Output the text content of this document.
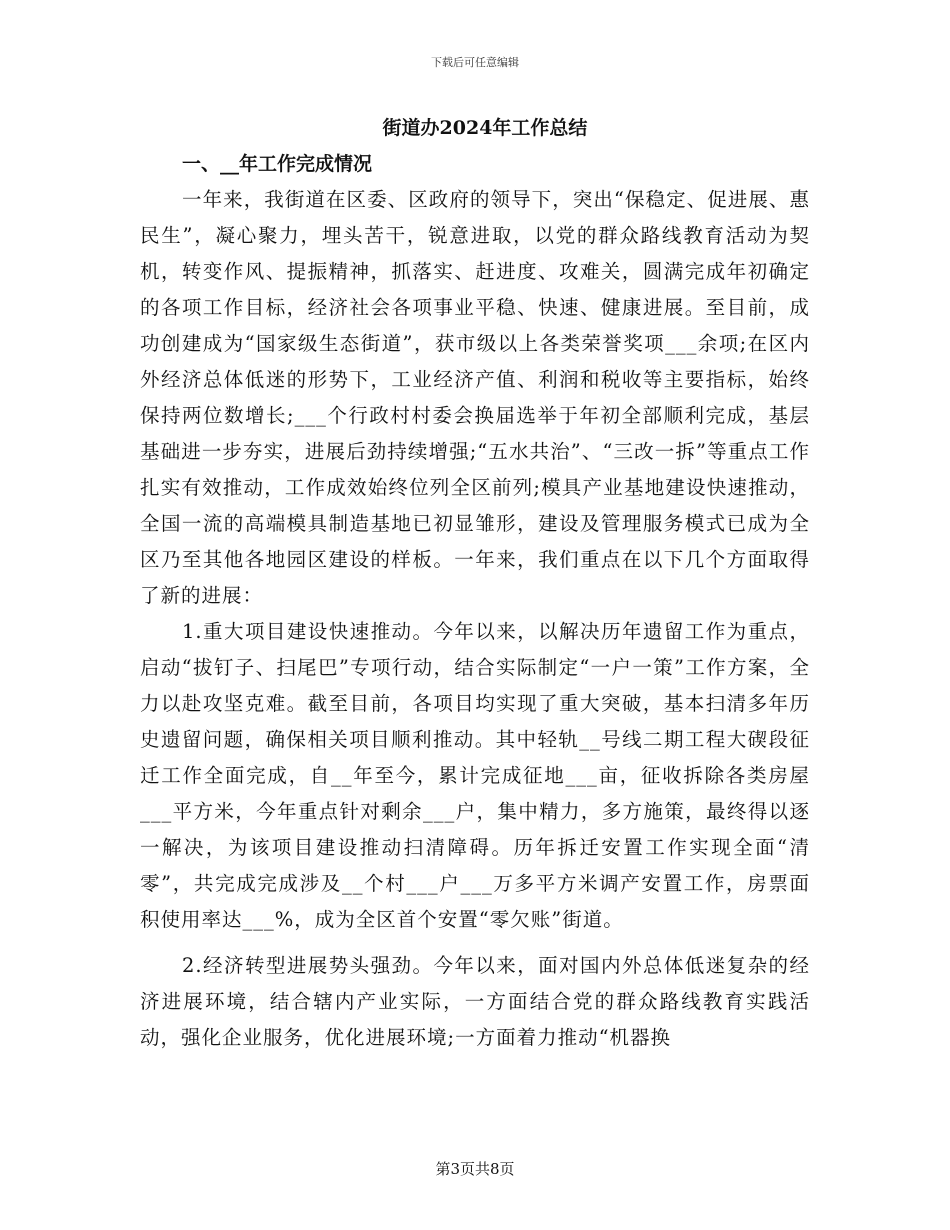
下载后可任意编辑
街道办2024年工作总结
一、__年工作完成情况

一年来，我街道在区委、区政府的领导下，突出“保稳定、促进展、惠民生”，凝心聚力，埋头苦干，锐意进取，以党的群众路线教育活动为契机，转变作风、提振精神，抓落实、赶进度、攻难关，圆满完成年初确定的各项工作目标，经济社会各项事业平稳、快速、健康进展。至目前，成功创建成为“国家级生态街道”，获市级以上各类荣誉奖项___余项;在区内外经济总体低迷的形势下，工业经济产值、利润和税收等主要指标，始终保持两位数增长;___个行政村村委会换届选举于年初全部顺利完成，基层基础进一步夯实，进展后劲持续增强;“五水共治”、“三改一拆”等重点工作扎实有效推动，工作成效始终位列全区前列;模具产业基地建设快速推动，全国一流的高端模具制造基地已初显雏形，建设及管理服务模式已成为全区乃至其他各地园区建设的样板。一年来，我们重点在以下几个方面取得了新的进展：

1.重大项目建设快速推动。今年以来，以解决历年遗留工作为重点，启动“拔钉子、扫尾巴”专项行动，结合实际制定“一户一策”工作方案，全力以赴攻坚克难。截至目前，各项目均实现了重大突破，基本扫清多年历史遗留问题，确保相关项目顺利推动。其中轻轨__号线二期工程大碶段征迁工作全面完成，自__年至今，累计完成征地___亩，征收拆除各类房屋___平方米，今年重点针对剩余___户，集中精力，多方施策，最终得以逐一解决，为该项目建设推动扫清障碍。历年拆迁安置工作实现全面“清零”，共完成完成涉及__个村___户___万多平方米调产安置工作，房票面积使用率达___%，成为全区首个安置“零欠账”街道。

2.经济转型进展势头强劲。今年以来，面对国内外总体低迷复杂的经济进展环境，结合辖内产业实际，一方面结合党的群众路线教育实践活动，强化企业服务，优化进展环境;一方面着力推动“机器换

第3页共8页
